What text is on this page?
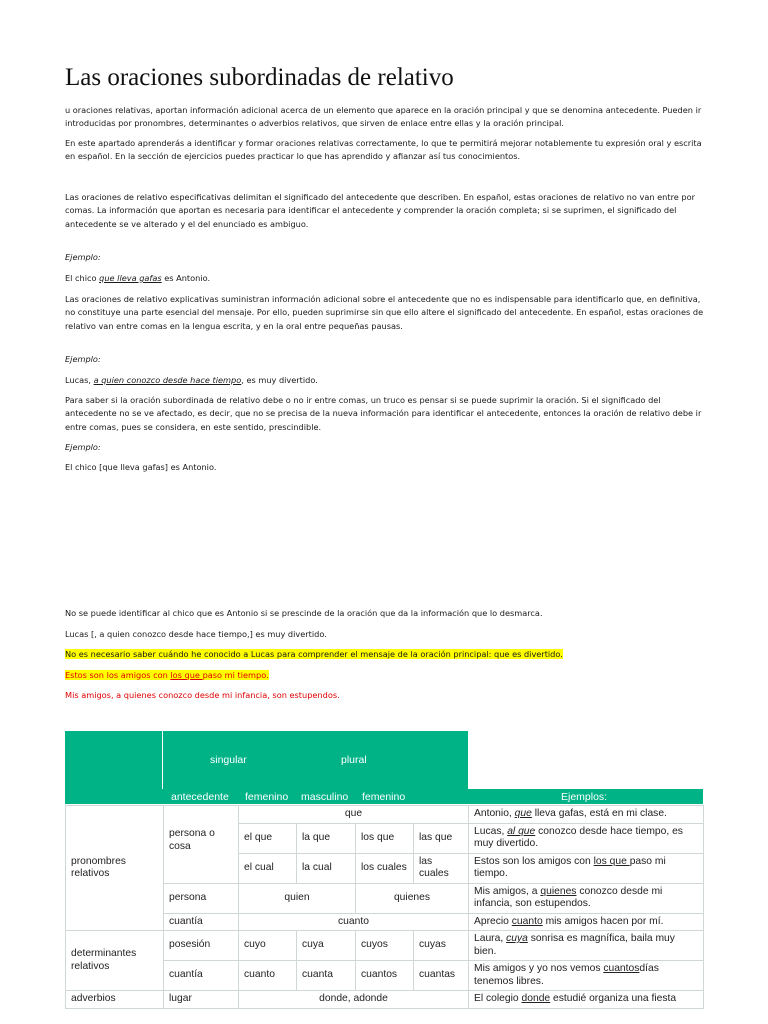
Las oraciones subordinadas de relativo

u oraciones relativas, aportan información adicional acerca de un elemento que aparece en la oración principal y que se denomina antecedente. Pueden ir introducidas por pronombres, determinantes o adverbios relativos, que sirven de enlace entre ellas y la oración principal.

En este apartado aprenderás a identificar y formar oraciones relativas correctamente, lo que te permitirá mejorar notablemente tu expresión oral y escrita en español. En la sección de ejercicios puedes practicar lo que has aprendido y afianzar así tus conocimientos.

Las oraciones de relativo especificativas delimitan el significado del antecedente que describen. En español, estas oraciones de relativo no van entre por comas. La información que aportan es necesaria para identificar el antecedente y comprender la oración completa; si se suprimen, el significado del antecedente se ve alterado y el del enunciado es ambiguo.

Ejemplo:

El chico que lleva gafas es Antonio.

Las oraciones de relativo explicativas suministran información adicional sobre el antecedente que no es indispensable para identificarlo que, en definitiva, no constituye una parte esencial del mensaje. Por ello, pueden suprimirse sin que ello altere el significado del antecedente. En español, estas oraciones de relativo van entre comas en la lengua escrita, y en la oral entre pequeñas pausas.

Ejemplo:

Lucas, a quien conozco desde hace tiempo, es muy divertido.

Para saber si la oración subordinada de relativo debe o no ir entre comas, un truco es pensar si se puede suprimir la oración. Si el significado del antecedente no se ve afectado, es decir, que no se precisa de la nueva información para identificar el antecedente, entonces la oración de relativo debe ir entre comas, pues se considera, en este sentido, prescindible.

Ejemplo:

El chico [que lleva gafas] es Antonio.

No se puede identificar al chico que es Antonio si se prescinde de la oración que da la información que lo desmarca.

Lucas [, a quien conozco desde hace tiempo,] es muy divertido.

No es necesario saber cuándo he conocido a Lucas para comprender el mensaje de la oración principal: que es divertido.

Estos son los amigos con los que paso mi tiempo.

Mis amigos, a quienes conozco desde mi infancia, son estupendos.

singular	plural
antecedente femenino masculino femenino	Ejemplos:
pronombres relativos		que				Antonio, que lleva gafas, está en mi clase.
	persona o cosa	el que	la que	los que	las que	Lucas, al que conozco desde hace tiempo, es muy divertido.
		el cual	la cual	los cuales	las cuales	Estos son los amigos con los que paso mi tiempo.
	persona	quien		quienes		Mis amigos, a quienes conozco desde mi infancia, son estupendos.
	cuantía	cuanto				Aprecio cuanto mis amigos hacen por mí.
determinantes relativos	posesión	cuyo	cuya	cuyos	cuyas	Laura, cuya sonrisa es magnífica, baila muy bien.
	cuantía	cuanto	cuanta	cuantos	cuantas	Mis amigos y yo nos vemos cuantosdías tenemos libres.
adverbios	lugar	donde, adonde				El colegio donde estudié organiza una fiesta
